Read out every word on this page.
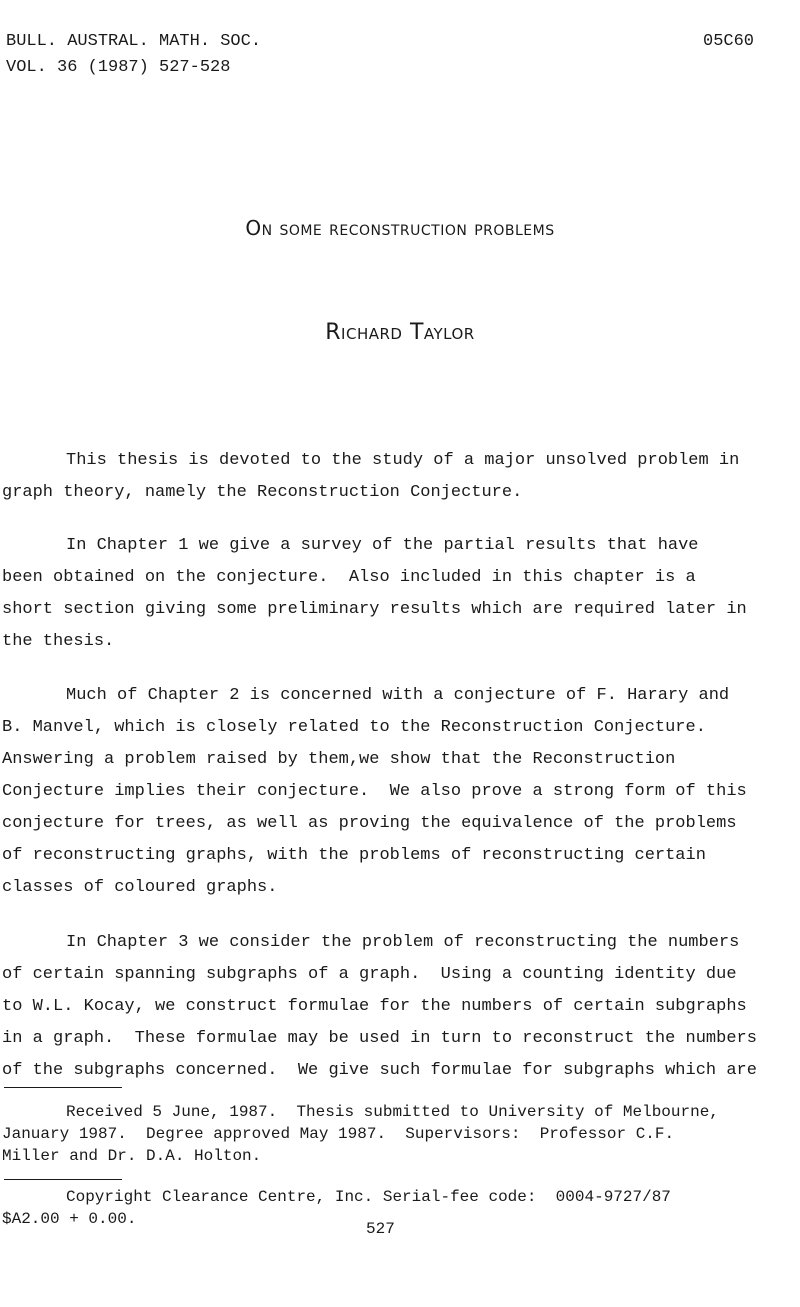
BULL. AUSTRAL. MATH. SOC.
VOL. 36 (1987) 527-528
05C60
On some reconstruction problems
Richard Taylor
This thesis is devoted to the study of a major unsolved problem in
graph theory, namely the Reconstruction Conjecture.
In Chapter 1 we give a survey of the partial results that have
been obtained on the conjecture.  Also included in this chapter is a
short section giving some preliminary results which are required later in
the thesis.
Much of Chapter 2 is concerned with a conjecture of F. Harary and
B. Manvel, which is closely related to the Reconstruction Conjecture.
Answering a problem raised by them,we show that the Reconstruction
Conjecture implies their conjecture.  We also prove a strong form of this
conjecture for trees, as well as proving the equivalence of the problems
of reconstructing graphs, with the problems of reconstructing certain
classes of coloured graphs.
In Chapter 3 we consider the problem of reconstructing the numbers
of certain spanning subgraphs of a graph.  Using a counting identity due
to W.L. Kocay, we construct formulae for the numbers of certain subgraphs
in a graph.  These formulae may be used in turn to reconstruct the numbers
of the subgraphs concerned.  We give such formulae for subgraphs which are
Received 5 June, 1987.  Thesis submitted to University of Melbourne,
January 1987.  Degree approved May 1987.  Supervisors:  Professor C.F.
Miller and Dr. D.A. Holton.
Copyright Clearance Centre, Inc. Serial-fee code:  0004-9727/87
$A2.00 + 0.00.
527
